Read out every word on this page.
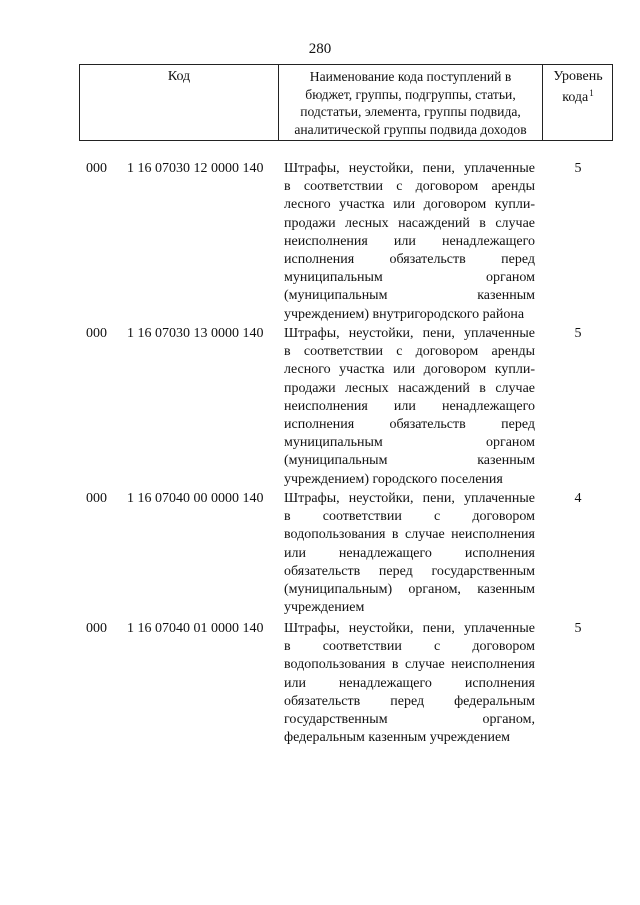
280
Код	Наименование кода поступлений в
бюджет, группы, подгруппы, статьи,
подстатьи, элемента, группы подвида,
аналитической группы подвида доходов
Уровень
кода$^1$
000 1 16 07030 12 0000 140 Штрафы, неустойки, пени, уплаченные
в соответствии с договором аренды
лесного участка или договором купли-
продажи лесных насаждений в случае
неисполнения или ненадлежащего
исполнения обязательств перед
муниципальным органом
(муниципальным казенным
учреждением) внутригородского района
5
000 1 16 07030 13 0000 140 Штрафы, неустойки, пени, уплаченные
в соответствии с договором аренды
лесного участка или договором купли-
продажи лесных насаждений в случае
неисполнения или ненадлежащего
исполнения обязательств перед
муниципальным органом
(муниципальным казенным
учреждением) городского поселения
5
000 1 16 07040 00 0000 140 Штрафы, неустойки, пени, уплаченные
в соответствии с договором
водопользования в случае неисполнения
или ненадлежащего исполнения
обязательств перед государственным
(муниципальным) органом, казенным
учреждением
4
000 1 16 07040 01 0000 140 Штрафы, неустойки, пени, уплаченные
в соответствии с договором
водопользования в случае неисполнения
или ненадлежащего исполнения
обязательств перед федеральным
государственным органом,
федеральным казенным учреждением
5
